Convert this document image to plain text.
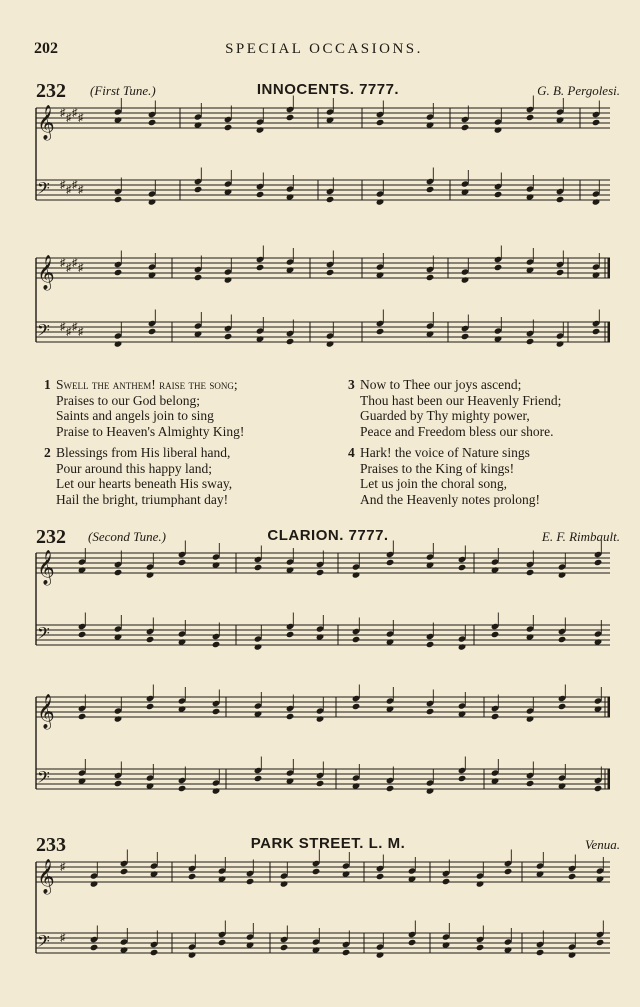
202	SPECIAL OCCASIONS.
𝄞 ♯ ♯ ♯ ♯
𝄢 ♯ ♯ ♯ ♯
𝄞 ♯ ♯ ♯ ♯
𝄢 ♯ ♯ ♯ ♯
𝄞
𝄢
𝄞
𝄢
𝄞 ♯
𝄢 ♯
232 (First Tune.)	INNOCENTS. 7777.	G. B. Pergolesi.
232 (Second Tune.)	CLARION. 7777.	E. F. Rimbault.
233	PARK STREET. L. M.	Venua.
1 Swell the anthem! raise the song;
Praises to our God belong;
Saints and angels join to sing
Praise to Heaven's Almighty King!
2 Blessings from His liberal hand,
Pour around this happy land;
Let our hearts beneath His sway,
Hail the bright, triumphant day!
3 Now to Thee our joys ascend;
Thou hast been our Heavenly Friend;
Guarded by Thy mighty power,
Peace and Freedom bless our shore.
4 Hark! the voice of Nature sings
Praises to the King of kings!
Let us join the choral song,
And the Heavenly notes prolong!
